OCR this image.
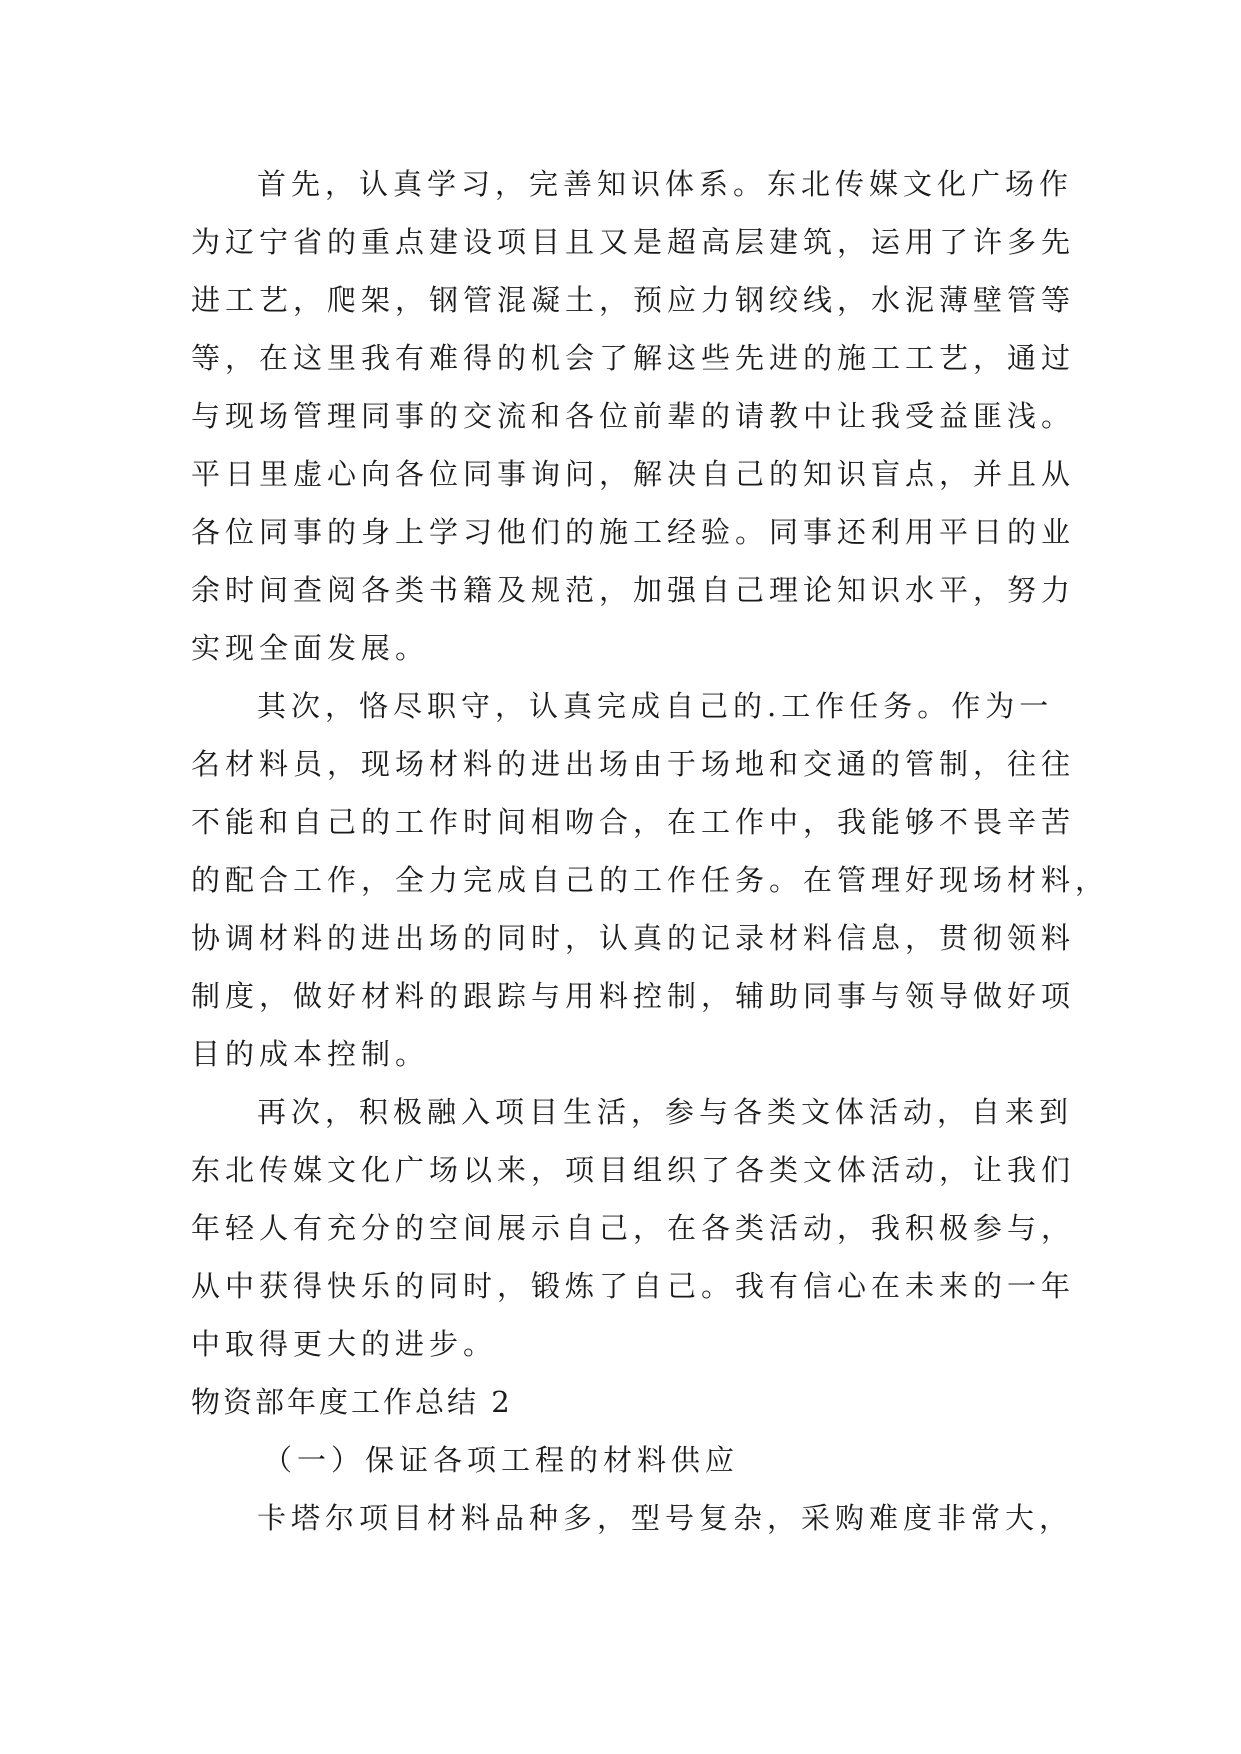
首先，认真学习，完善知识体系。东北传媒文化广场作
为辽宁省的重点建设项目且又是超高层建筑，运用了许多先
进工艺，爬架，钢管混凝土，预应力钢绞线，水泥薄壁管等
等，在这里我有难得的机会了解这些先进的施工工艺，通过
与现场管理同事的交流和各位前辈的请教中让我受益匪浅。
平日里虚心向各位同事询问，解决自己的知识盲点，并且从
各位同事的身上学习他们的施工经验。同事还利用平日的业
余时间查阅各类书籍及规范，加强自己理论知识水平，努力
实现全面发展。
其次，恪尽职守，认真完成自己的.工作任务。作为一
名材料员，现场材料的进出场由于场地和交通的管制，往往
不能和自己的工作时间相吻合，在工作中，我能够不畏辛苦
的配合工作，全力完成自己的工作任务。在管理好现场材料，
协调材料的进出场的同时，认真的记录材料信息，贯彻领料
制度，做好材料的跟踪与用料控制，辅助同事与领导做好项
目的成本控制。
再次，积极融入项目生活，参与各类文体活动，自来到
东北传媒文化广场以来，项目组织了各类文体活动，让我们
年轻人有充分的空间展示自己，在各类活动，我积极参与，
从中获得快乐的同时，锻炼了自己。我有信心在未来的一年
中取得更大的进步。
物资部年度工作总结 2
（一）保证各项工程的材料供应
卡塔尔项目材料品种多，型号复杂，采购难度非常大，
